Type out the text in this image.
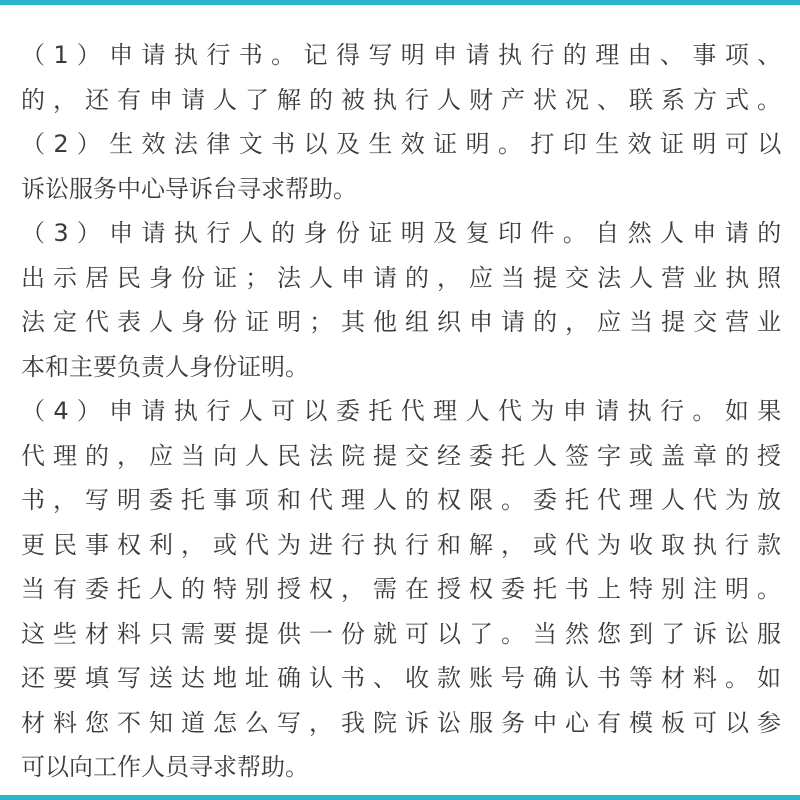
（ 1 ） 申 请 执 行 书 。 记 得 写 明 申 请 执 行 的 理 由 、 事 项 、
的 ， 还 有 申 请 人 了 解 的 被 执 行 人 财 产 状 况 、 联 系 方 式 。
（ 2 ） 生 效 法 律 文 书 以 及 生 效 证 明 。 打 印 生 效 证 明 可 以
诉讼服务中心导诉台寻求帮助。
（ 3 ） 申 请 执 行 人 的 身 份 证 明 及 复 印 件 。 自 然 人 申 请 的
出 示 居 民 身 份 证 ； 法 人 申 请 的 ， 应 当 提 交 法 人 营 业 执 照
法 定 代 表 人 身 份 证 明 ； 其 他 组 织 申 请 的 ， 应 当 提 交 营 业
本和主要负责人身份证明。
（ 4 ） 申 请 执 行 人 可 以 委 托 代 理 人 代 为 申 请 执 行 。 如 果
代 理 的 ， 应 当 向 人 民 法 院 提 交 经 委 托 人 签 字 或 盖 章 的 授
书 ， 写 明 委 托 事 项 和 代 理 人 的 权 限 。 委 托 代 理 人 代 为 放
更 民 事 权 利 ， 或 代 为 进 行 执 行 和 解 ， 或 代 为 收 取 执 行 款
当 有 委 托 人 的 特 别 授 权 ， 需 在 授 权 委 托 书 上 特 别 注 明 。
这 些 材 料 只 需 要 提 供 一 份 就 可 以 了 。 当 然 您 到 了 诉 讼 服
还 要 填 写 送 达 地 址 确 认 书 、 收 款 账 号 确 认 书 等 材 料 。 如
材 料 您 不 知 道 怎 么 写 ， 我 院 诉 讼 服 务 中 心 有 模 板 可 以 参
可以向工作人员寻求帮助。
